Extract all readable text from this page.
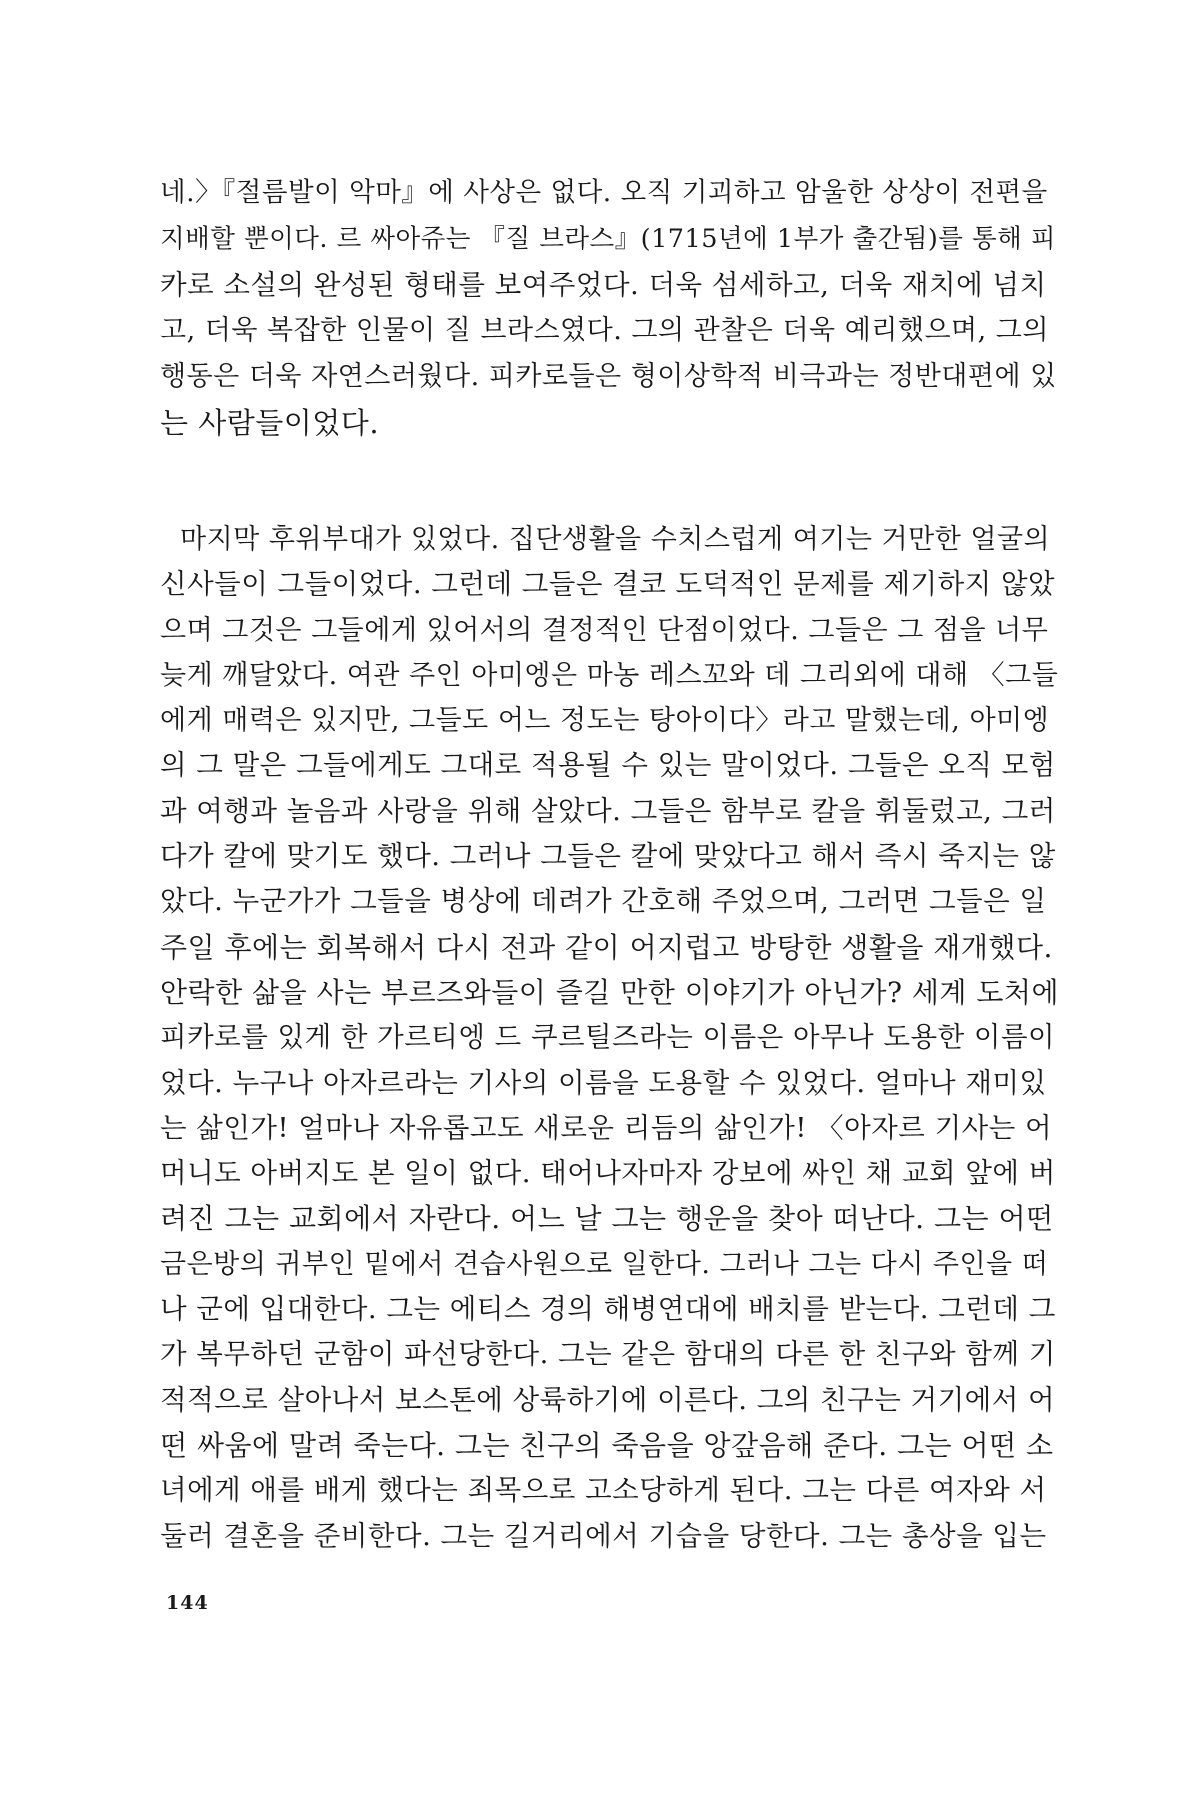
네.〉『절름발이 악마』에 사상은 없다. 오직 기괴하고 암울한 상상이 전편을
지배할 뿐이다. 르 싸아쥬는 『질 브라스』(1715년에 1부가 출간됨)를 통해 피
카로 소설의 완성된 형태를 보여주었다. 더욱 섬세하고, 더욱 재치에 넘치
고, 더욱 복잡한 인물이 질 브라스였다. 그의 관찰은 더욱 예리했으며, 그의
행동은 더욱 자연스러웠다. 피카로들은 형이상학적 비극과는 정반대편에 있
는 사람들이었다.
마지막 후위부대가 있었다. 집단생활을 수치스럽게 여기는 거만한 얼굴의
신사들이 그들이었다. 그런데 그들은 결코 도덕적인 문제를 제기하지 않았
으며 그것은 그들에게 있어서의 결정적인 단점이었다. 그들은 그 점을 너무
늦게 깨달았다. 여관 주인 아미엥은 마농 레스꼬와 데 그리외에 대해 〈그들
에게 매력은 있지만, 그들도 어느 정도는 탕아이다〉라고 말했는데, 아미엥
의 그 말은 그들에게도 그대로 적용될 수 있는 말이었다. 그들은 오직 모험
과 여행과 놀음과 사랑을 위해 살았다. 그들은 함부로 칼을 휘둘렀고, 그러
다가 칼에 맞기도 했다. 그러나 그들은 칼에 맞았다고 해서 즉시 죽지는 않
았다. 누군가가 그들을 병상에 데려가 간호해 주었으며, 그러면 그들은 일
주일 후에는 회복해서 다시 전과 같이 어지럽고 방탕한 생활을 재개했다.
안락한 삶을 사는 부르즈와들이 즐길 만한 이야기가 아닌가? 세계 도처에
피카로를 있게 한 가르티엥 드 쿠르틸즈라는 이름은 아무나 도용한 이름이
었다. 누구나 아자르라는 기사의 이름을 도용할 수 있었다. 얼마나 재미있
는 삶인가! 얼마나 자유롭고도 새로운 리듬의 삶인가! 〈아자르 기사는 어
머니도 아버지도 본 일이 없다. 태어나자마자 강보에 싸인 채 교회 앞에 버
려진 그는 교회에서 자란다. 어느 날 그는 행운을 찾아 떠난다. 그는 어떤
금은방의 귀부인 밑에서 견습사원으로 일한다. 그러나 그는 다시 주인을 떠
나 군에 입대한다. 그는 에티스 경의 해병연대에 배치를 받는다. 그런데 그
가 복무하던 군함이 파선당한다. 그는 같은 함대의 다른 한 친구와 함께 기
적적으로 살아나서 보스톤에 상륙하기에 이른다. 그의 친구는 거기에서 어
떤 싸움에 말려 죽는다. 그는 친구의 죽음을 앙갚음해 준다. 그는 어떤 소
녀에게 애를 배게 했다는 죄목으로 고소당하게 된다. 그는 다른 여자와 서
둘러 결혼을 준비한다. 그는 길거리에서 기습을 당한다. 그는 총상을 입는
144
